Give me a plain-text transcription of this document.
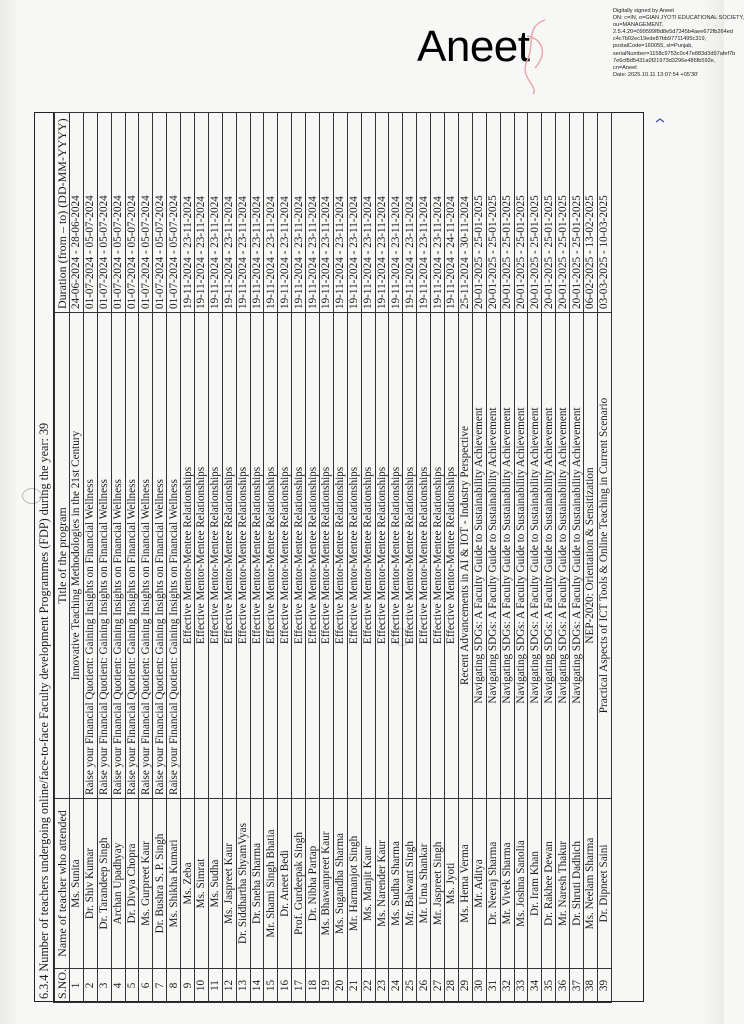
Aneet
Digitally signed by Aneet
DN: c=IN, o=GIAN JYOTI EDUCATIONAL SOCIETY,
ou=MANAGEMENT,
2.5.4.20=099599f8d8e5d7345b4aee672fb264ed
c4c7b02ec19ede87bb97711495c319,
postalCode=160055, st=Punjab,
serialNumber=1158c9753c0c47e883d3d97afef7b
7e6cf8d5431a0f21973d3296e486fb592e,
cn=Aneet
Date: 2025.10.11 13:07:54 +05'30'
6.3.4 Number of teachers undergoing online/face-to-face Faculty development Programmes (FDP) during the year: 39 S.NO.	Name of teacher who attended	Title of the program	Duration (from – to) (DD-MM-YYYY)
1	Ms. Sunita	Innovative Teaching Methodologies in the 21st Century	24-06-2024 - 28-06-2024
2	Dr. Shiv Kumar	Raise your Financial Quotient: Gaining Insights on Financial Wellness	01-07-2024 - 05-07-2024
3	Dr. Tarandeep Singh	Raise your Financial Quotient: Gaining Insights on Financial Wellness	01-07-2024 - 05-07-2024
4	Archan Upadhyay	Raise your Financial Quotient: Gaining Insights on Financial Wellness	01-07-2024 - 05-07-2024
5	Dr. Divya Chopra	Raise your Financial Quotient: Gaining Insights on Financial Wellness	01-07-2024 - 05-07-2024
6	Ms. Gurpreet Kaur	Raise your Financial Quotient: Gaining Insights on Financial Wellness	01-07-2024 - 05-07-2024
7	Dr. Bushra S. P. Singh	Raise your Financial Quotient: Gaining Insights on Financial Wellness	01-07-2024 - 05-07-2024
8	Ms. Shikha Kumari	Raise your Financial Quotient: Gaining Insights on Financial Wellness	01-07-2024 - 05-07-2024
9	Ms. Zeba	Effective Mentor-Mentee Relationships	19-11-2024 - 23-11-2024
10	Ms. Simrat	Effective Mentor-Mentee Relationships	19-11-2024 - 23-11-2024
11	Ms. Sudha	Effective Mentor-Mentee Relationships	19-11-2024 - 23-11-2024
12	Ms. Jaspreet Kaur	Effective Mentor-Mentee Relationships	19-11-2024 - 23-11-2024
13	Dr. Siddhartha ShyamVyas	Effective Mentor-Mentee Relationships	19-11-2024 - 23-11-2024
14	Dr. Sneha Sharma	Effective Mentor-Mentee Relationships	19-11-2024 - 23-11-2024
15	Mr. Shami Singh Bhatia	Effective Mentor-Mentee Relationships	19-11-2024 - 23-11-2024
16	Dr. Aneet Bedi	Effective Mentor-Mentee Relationships	19-11-2024 - 23-11-2024
17	Prof. Gurdeepak Singh	Effective Mentor-Mentee Relationships	19-11-2024 - 23-11-2024
18	Dr. Nibha Partap	Effective Mentor-Mentee Relationships	19-11-2024 - 23-11-2024
19	Ms. Bhawanpreet Kaur	Effective Mentor-Mentee Relationships	19-11-2024 - 23-11-2024
20	Ms. Sugandha Sharma	Effective Mentor-Mentee Relationships	19-11-2024 - 23-11-2024
21	Mr. Harmanjot Singh	Effective Mentor-Mentee Relationships	19-11-2024 - 23-11-2024
22	Ms. Manjit Kaur	Effective Mentor-Mentee Relationships	19-11-2024 - 23-11-2024
23	Ms. Narender Kaur	Effective Mentor-Mentee Relationships	19-11-2024 - 23-11-2024
24	Ms. Sudha Sharma	Effective Mentor-Mentee Relationships	19-11-2024 - 23-11-2024
25	Mr. Balwant Singh	Effective Mentor-Mentee Relationships	19-11-2024 - 23-11-2024
26	Mr. Uma Shankar	Effective Mentor-Mentee Relationships	19-11-2024 - 23-11-2024
27	Mr. Jaspreet Singh	Effective Mentor-Mentee Relationships	19-11-2024 - 23-11-2024
28	Ms. Jyoti	Effective Mentor-Mentee Relationships	19-11-2024 - 24-11-2024
29	Ms. Hema Verma	Recent Advancements in AI & IOT - Industry Perspective	25-11-2024 - 30-11-2024
30	Mr. Aditya	Navigating SDGs: A Faculty Guide to Sustainability Achievement	20-01-2025 - 25-01-2025
31	Dr. Neeraj Sharma	Navigating SDGs: A Faculty Guide to Sustainability Achievement	20-01-2025 - 25-01-2025
32	Mr. Vivek Sharma	Navigating SDGs: A Faculty Guide to Sustainability Achievement	20-01-2025 - 25-01-2025
33	Ms. Joshna Sanolia	Navigating SDGs: A Faculty Guide to Sustainability Achievement	20-01-2025 - 25-01-2025
34	Dr. Iram Khan	Navigating SDGs: A Faculty Guide to Sustainability Achievement	20-01-2025 - 25-01-2025
35	Dr. Rakhee Dewan	Navigating SDGs: A Faculty Guide to Sustainability Achievement	20-01-2025 - 25-01-2025
36	Mr. Naresh Thakur	Navigating SDGs: A Faculty Guide to Sustainability Achievement	20-01-2025 - 25-01-2025
37	Dr. Shruti Dadhich	Navigating SDGs: A Faculty Guide to Sustainability Achievement	20-01-2025 - 25-01-2025
38	Ms. Neelam Sharma	NEP-2020: Orientation & Sensitization	06-02-2025 - 13-02-2025
39	Dr. Dipneet Saini	Practical Aspects of ICT Tools & Online Teaching in Current Scenario	03-03-2025 - 10-03-2025
